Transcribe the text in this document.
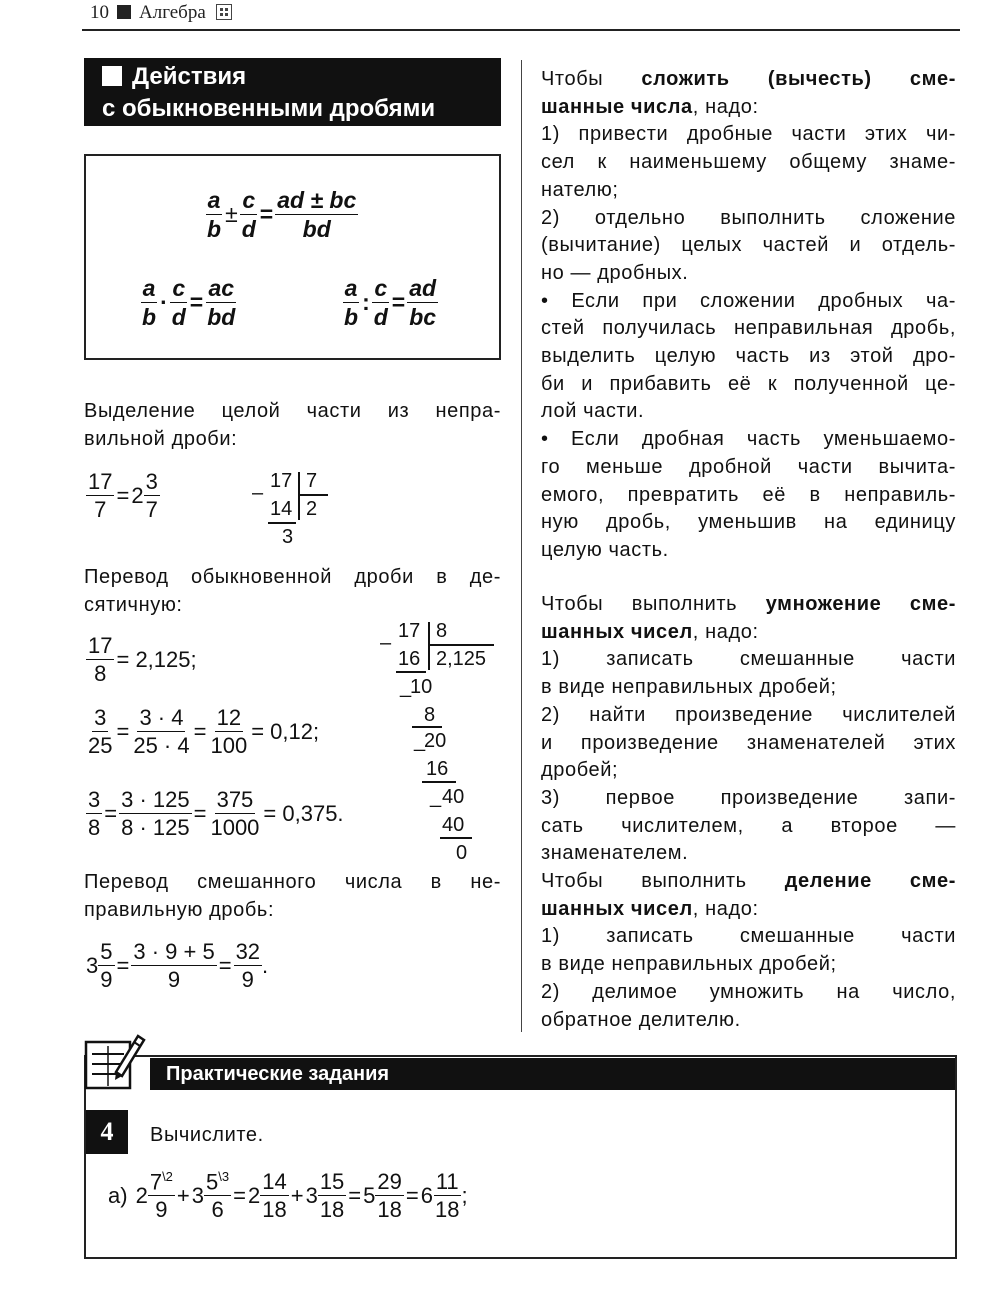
10 Алгебра
Действия
с обыкновенными дробями
$\frac{a}{b} \pm \frac{c}{d} = \frac{ad \pm bc}{bd}$
$\frac{a}{b} \cdot \frac{c}{d} = \frac{ac}{bd}$	$\frac{a}{b}$ : $\frac{c}{d} = \frac{ad}{bc}$
Выделение целой части из непра-
вильной дроби:
$\frac{17}{7} =2 \frac{3}{7}$	–
17 7
14 2
3
Перевод обыкновенной дроби в де-
сятичную:
$\frac{17}{8} = 2,125$;
$\frac{3}{25} = \frac{3 \cdot 4}{25 \cdot 4} = \frac{12}{100} = 0,12$;
$\frac{3}{8} = \frac{3 \cdot 125}{8 \cdot 125} = \frac{375}{1000} = 0,375$.
–
17 8
16 2,125
_
10
8
_
20
16
_ 40
40
0
Перевод смешанного числа в не-
правильную дробь:
$3 \frac{5}{9} = \frac{3 \cdot 9 + 5}{9} = \frac{32}{9}$ .
Чтобы сложить (вычесть) сме-
шанные числа, надо:
1) привести дробные части этих чи-
сел к наименьшему общему знаме-
нателю;
2) отдельно выполнить сложение
(вычитание) целых частей и отдель-
но — дробных.
• Если при сложении дробных ча-
стей получилась неправильная дробь,
выделить целую часть из этой дро-
би и прибавить её к полученной це-
лой части.
• Если дробная часть уменьшаемо-
го меньше дробной части вычита-
емого, превратить её в неправиль-
ную дробь, уменьшив на единицу
целую часть.
Чтобы выполнить умножение сме-
шанных чисел, надо:
1) записать смешанные части
в виде неправильных дробей;
2) найти произведение числителей
и произведение знаменателей этих
дробей;
3) первое произведение запи-
сать числителем, а второе —
знаменателем.
Чтобы выполнить деление сме-
шанных чисел, надо:
1) записать смешанные части
в виде неправильных дробей;
2) делимое умножить на число,
обратное делителю.
Практические задания
4	Вычислите.
а) $2 \frac{7^{\backslash 2}}{9} +3 \frac{5^{\backslash 3}}{6} =2 \frac{14}{18} +3 \frac{15}{18} =5 \frac{29}{18} =6 \frac{11}{18}$ ;
